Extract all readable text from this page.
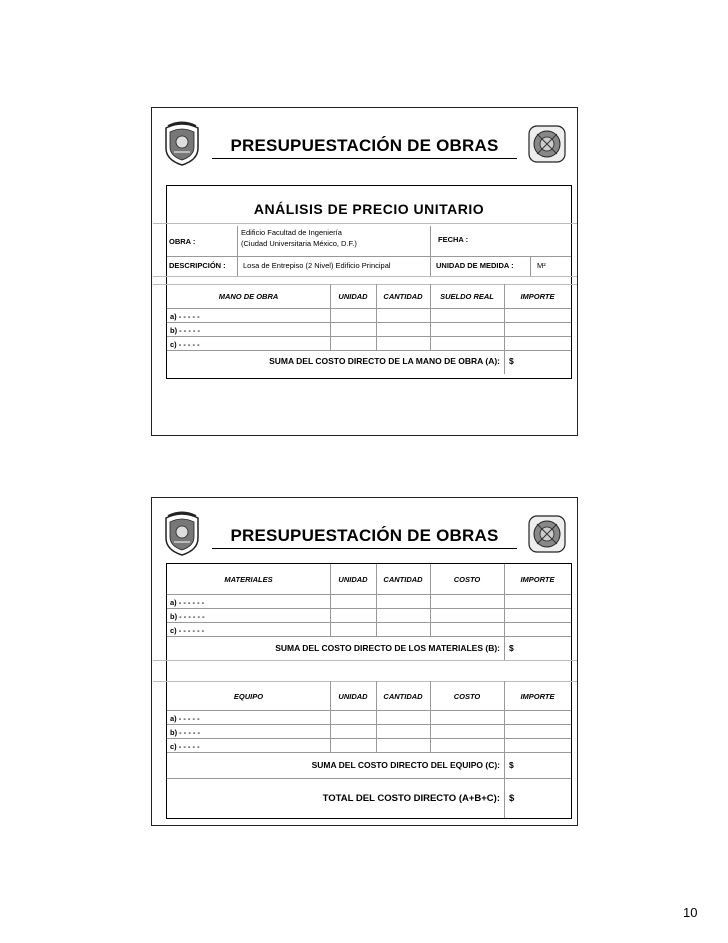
PRESUPUESTACIÓN DE OBRAS
ANÁLISIS DE PRECIO UNITARIO
OBRA :
Edificio Facultad de Ingeniería
(Ciudad Universitaria México, D.F.)	FECHA :
DESCRIPCIÓN : Losa de Entrepiso (2 Nivel) Edificio Principal	UNIDAD DE MEDIDA :	M²
MANO DE OBRA	UNIDAD	CANTIDAD	SUELDO REAL	IMPORTE
a) - - - - -
b) - - - - -
c) - - - - -
SUMA DEL COSTO DIRECTO DE LA MANO DE OBRA (A): $
PRESUPUESTACIÓN DE OBRAS
MATERIALES	UNIDAD	CANTIDAD	COSTO	IMPORTE
a) - - - - - -
b) - - - - - -
c) - - - - - -
SUMA DEL COSTO DIRECTO DE LOS MATERIALES (B): $
EQUIPO	UNIDAD	CANTIDAD	COSTO	IMPORTE
a) - - - - -
b) - - - - -
c) - - - - -
SUMA DEL COSTO DIRECTO DEL EQUIPO (C): $
TOTAL DEL COSTO DIRECTO (A+B+C): $
10
